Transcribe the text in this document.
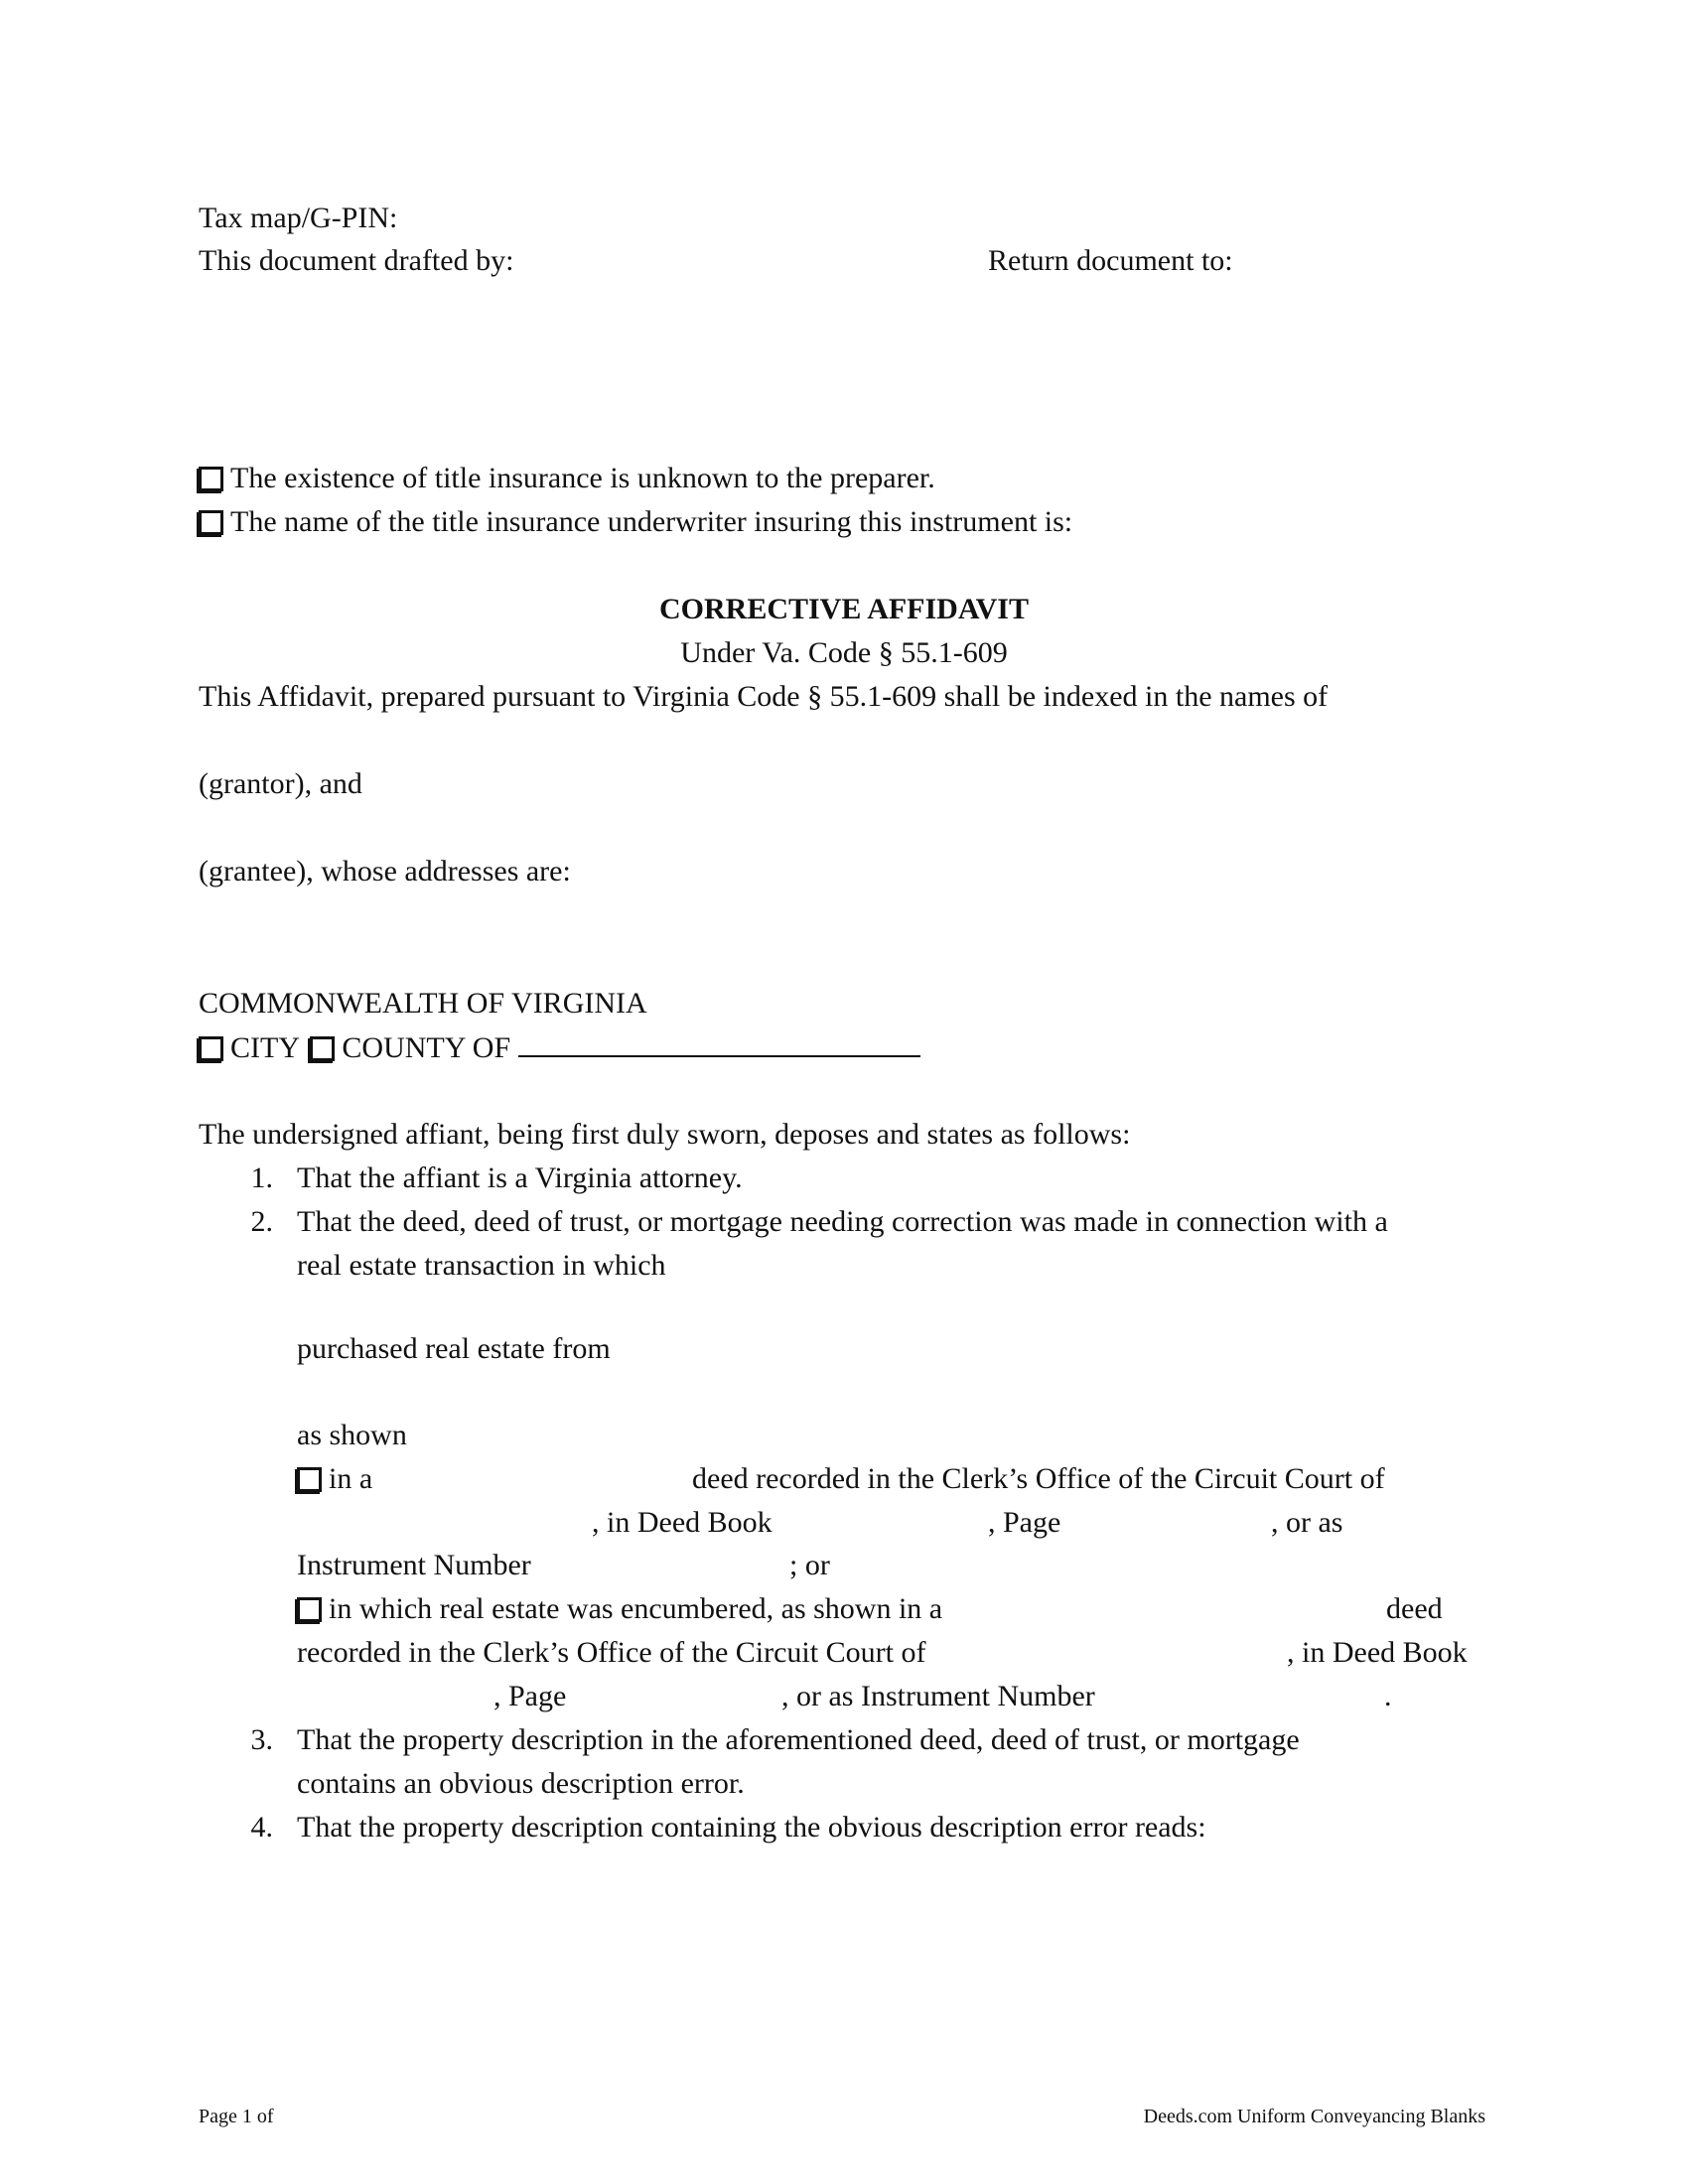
Tax map/G-PIN:
This document drafted by:	Return document to:
The existence of title insurance is unknown to the preparer.
The name of the title insurance underwriter insuring this instrument is:
CORRECTIVE AFFIDAVIT
Under Va. Code § 55.1-609
This Affidavit, prepared pursuant to Virginia Code § 55.1-609 shall be indexed in the names of
(grantor), and
(grantee), whose addresses are:
COMMONWEALTH OF VIRGINIA
CITY COUNTY OF
The undersigned affiant, being first duly sworn, deposes and states as follows:
1. That the affiant is a Virginia attorney.
2. That the deed, deed of trust, or mortgage needing correction was made in connection with a
real estate transaction in which
purchased real estate from
as shown
in a	deed recorded in the Clerk’s Office of the Circuit Court of
, in Deed Book	, Page	, or as
Instrument Number	; or
in which real estate was encumbered, as shown in a	deed
recorded in the Clerk’s Office of the Circuit Court of	, in Deed Book
, Page	, or as Instrument Number	.
3. That the property description in the aforementioned deed, deed of trust, or mortgage
contains an obvious description error.
4. That the property description containing the obvious description error reads:
Page 1 of	Deeds.com Uniform Conveyancing Blanks
